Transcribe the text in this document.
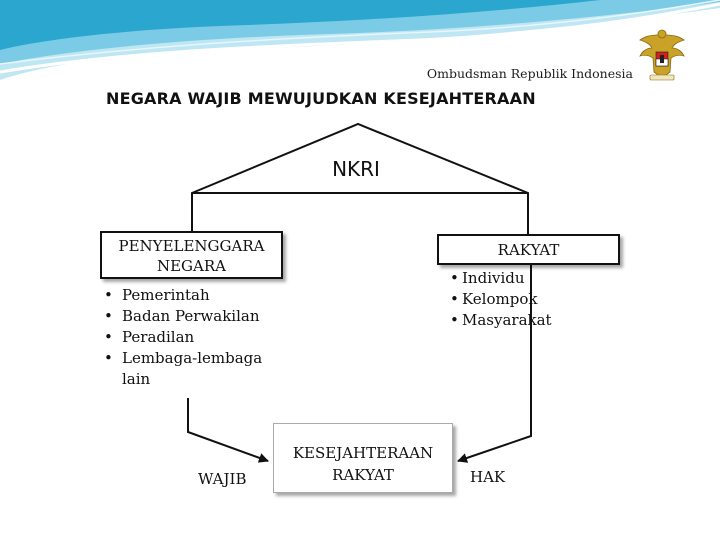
Ombudsman Republik Indonesia
NEGARA WAJIB MEWUJUDKAN KESEJAHTERAAN
NKRI
PENYELENGGARA NEGARA
RAKYAT
• Pemerintah
• Badan Perwakilan
• Peradilan
• Lembaga-lembaga lain
• Individu
• Kelompok
• Masyarakat
KESEJAHTERAAN RAKYAT
WAJIB	HAK
